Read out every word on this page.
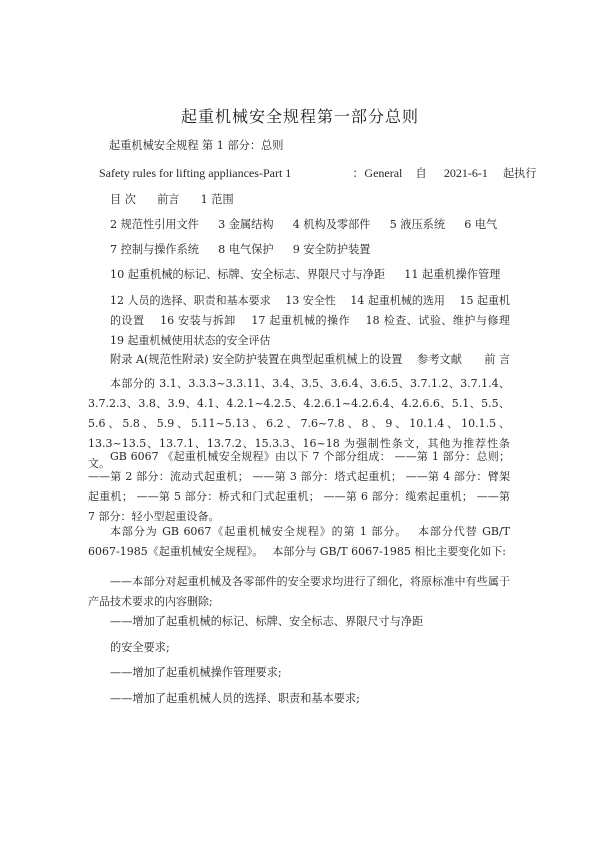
起重机械安全规程第一部分总则
起重机械安全规程 第 1 部分：总则
Safety rules for lifting appliances-Part 1	：General 自 2021-6-1 起执行
目 次 前言 1 范围
2 规范性引用文件 3 金属结构 4 机构及零部件 5 液压系统 6 电气
7 控制与操作系统 8 电气保护 9 安全防护装置
10 起重机械的标记、标牌、安全标志、界限尺寸与净距 11 起重机操作管理
12 人员的选择、职责和基本要求　 13 安全性　 14 起重机械的选用　 15 起重机的设置　 16 安装与拆卸　 17 起重机械的操作　 18 检查、试验、维护与修理　 19 起重机械使用状态的安全评估
附录 A(规范性附录) 安全防护装置在典型起重机械上的设置　 参考文献　　前 言
本部分的 3.1、3.3.3~3.3.11、3.4、3.5、3.6.4、3.6.5、3.7.1.2、3.7.1.4、3.7.2.3、3.8、3.9、4.1、4.2.1~4.2.5、4.2.6.1~4.2.6.4、4.2.6.6、5.1、5.5、5.6、5.8、5.9、5.11~5.13、6.2、7.6~7.8、8、9、10.1.4、10.1.5、13.3~13.5、13.7.1、13.7.2、15.3.3、16~18 为强制性条文，其他为推荐性条文。
GB 6067 《起重机械安全规程》由以下 7 个部分组成： ——第 1 部分：总则； ——第 2 部分：流动式起重机； ——第 3 部分：塔式起重机； ——第 4 部分：臂架起重机； ——第 5 部分：桥式和门式起重机； ——第 6 部分：缆索起重机； ——第 7 部分：轻小型起重设备。
本部分为 GB 6067《起重机械安全规程》的第 1 部分。　 本部分代替 GB/T 6067-1985《起重机械安全规程》。　 本部分与 GB/T 6067-1985 相比主要变化如下:
——本部分对起重机械及各零部件的安全要求均进行了细化，将原标准中有些属于产品技术要求的内容删除;
——增加了起重机械的标记、标牌、安全标志、界限尺寸与净距
的安全要求;
——增加了起重机械操作管理要求;
——增加了起重机械人员的选择、职责和基本要求;
